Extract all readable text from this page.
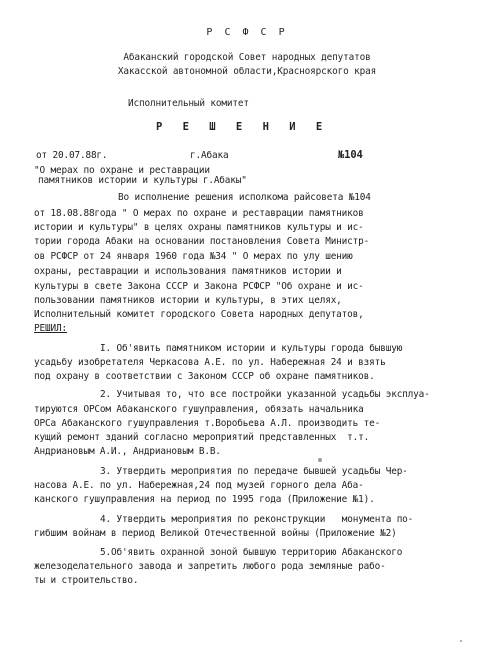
Р С Ф С Р
Абаканский городской Совет народных депутатов
Хакасской автономной области,Красноярского края
Исполнительный комитет
Р Е Ш Е Н И Е
от 20.07.88г.	г.Абака	№104
"О мерах по охране и реставрации
памятников истории и культуры г.Абакы"
Во исполнение решения исполкома райсовета №104
от 18.08.88года " О мерах по охране и реставрации памятников
истории и культуры" в целях охраны памятников культуры и ис-
тории города Абаки на основании постановления Совета Министр-
ов РСФСР от 24 января 1960 года №34 " О мерах по улу шению
охраны, реставрации и использования памятников истории и
культуры в свете Закона СССР и Закона РСФСР "Об охране и ис-
пользовании памятников истории и культуры, в этих целях,
Исполнительный комитет городского Совета народных депутатов,
РЕШИЛ:
I. Об'явить памятником истории и культуры города бывшую
усадьбу изобретателя Черкасова А.Е. по ул. Набережная 24 и взять
под охрану в соответствии с Законом СССР об охране памятников.
2. Учитывая то, что все постройки указанной усадьбы эксплуа-
тируются ОРСом Абаканского гушуправления, обязать начальника
ОРСа Абаканского гушуправления т.Воробьева А.Л. производить те-
кущий ремонт зданий согласно мероприятий представленных  т.т.
Андриановым А.И., Андриановым В.В.
3. Утвердить мероприятия по передаче бывшей усадьбы Чер-
насова А.Е. по ул. Набережная,24 под музей горного дела Аба-
канского гушуправления на период по 1995 года (Приложение №1).
4. Утвердить мероприятия по реконструкции   монумента по-
гибшим войнам в период Великой Отечественной войны (Приложение №2)
5.Об'явить охранной зоной бывшую территорию Абаканского
железоделательного завода и запретить любого рода земляные рабо-
ты и строительство.
